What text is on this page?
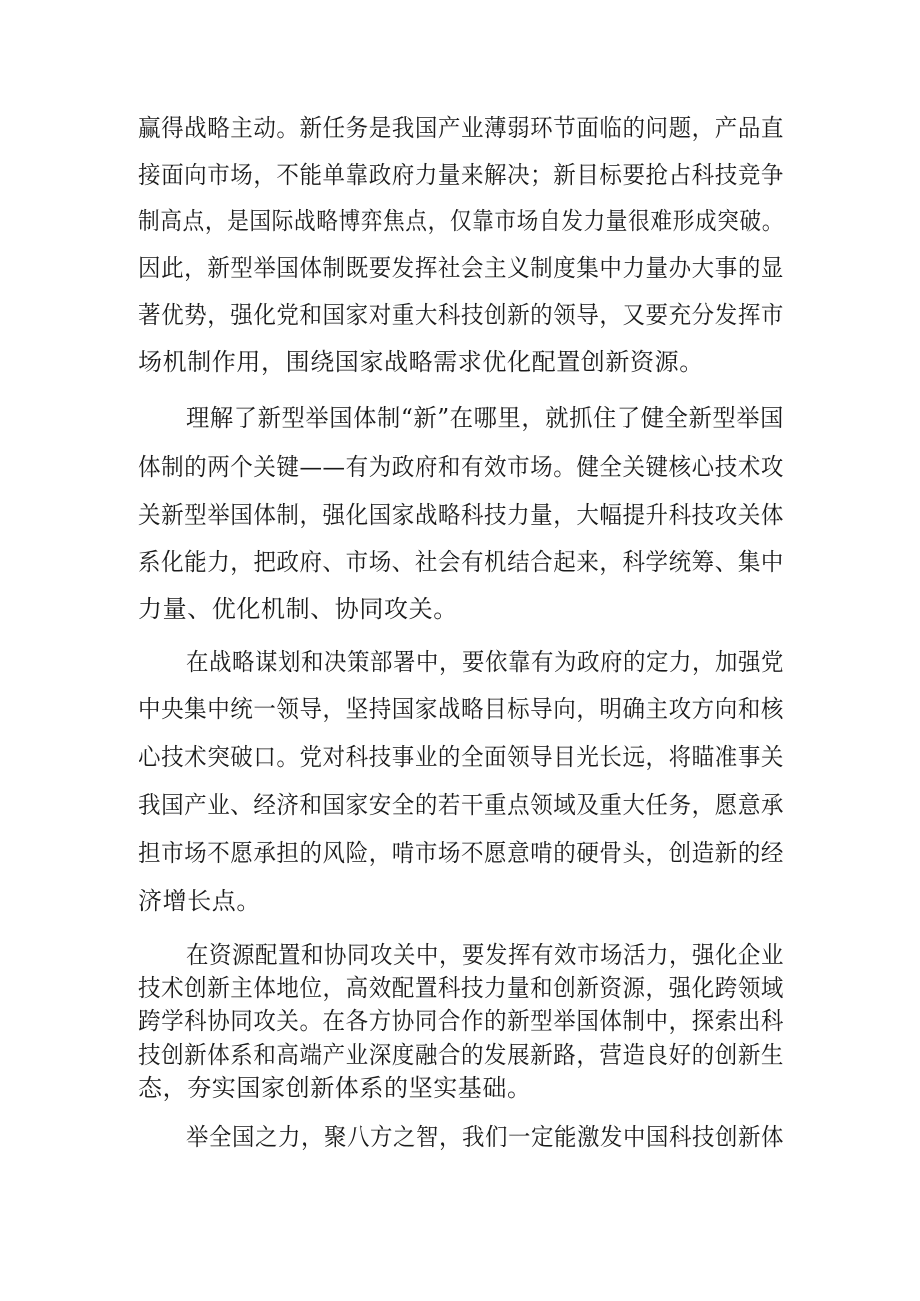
赢得战略主动。新任务是我国产业薄弱环节面临的问题，产品直

接面向市场，不能单靠政府力量来解决；新目标要抢占科技竞争

制高点，是国际战略博弈焦点，仅靠市场自发力量很难形成突破。

因此，新型举国体制既要发挥社会主义制度集中力量办大事的显

著优势，强化党和国家对重大科技创新的领导，又要充分发挥市

场机制作用，围绕国家战略需求优化配置创新资源。

理解了新型举国体制“新”在哪里，就抓住了健全新型举国

体制的两个关键——有为政府和有效市场。健全关键核心技术攻

关新型举国体制，强化国家战略科技力量，大幅提升科技攻关体

系化能力，把政府、市场、社会有机结合起来，科学统筹、集中

力量、优化机制、协同攻关。

在战略谋划和决策部署中，要依靠有为政府的定力，加强党

中央集中统一领导，坚持国家战略目标导向，明确主攻方向和核

心技术突破口。党对科技事业的全面领导目光长远，将瞄准事关

我国产业、经济和国家安全的若干重点领域及重大任务，愿意承

担市场不愿承担的风险，啃市场不愿意啃的硬骨头，创造新的经

济增长点。

在资源配置和协同攻关中，要发挥有效市场活力，强化企业

技术创新主体地位，高效配置科技力量和创新资源，强化跨领域

跨学科协同攻关。在各方协同合作的新型举国体制中，探索出科

技创新体系和高端产业深度融合的发展新路，营造良好的创新生

态，夯实国家创新体系的坚实基础。

举全国之力，聚八方之智，我们一定能激发中国科技创新体
